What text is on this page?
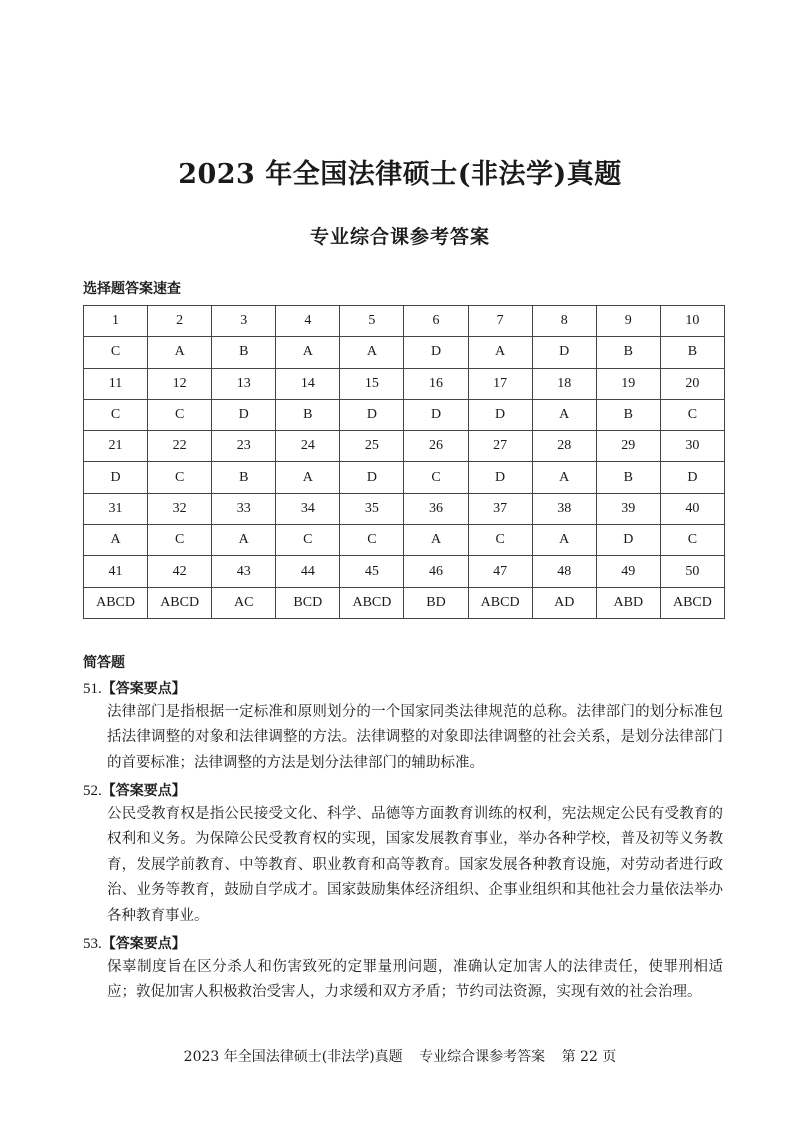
2023 年全国法律硕士(非法学)真题
专业综合课参考答案
选择题答案速查
1	2	3	4	5	6	7	8	9	10
C	A	B	A	A	D	A	D	B	B
11	12	13	14	15	16	17	18	19	20
C	C	D	B	D	D	D	A	B	C
21	22	23	24	25	26	27	28	29	30
D	C	B	A	D	C	D	A	B	D
31	32	33	34	35	36	37	38	39	40
A	C	A	C	C	A	C	A	D	C
41	42	43	44	45	46	47	48	49	50
ABCD	ABCD	AC	BCD	ABCD	BD	ABCD	AD	ABD	ABCD
简答题
51.【答案要点】
法律部门是指根据一定标准和原则划分的一个国家同类法律规范的总称。法律部门的划分标准包括法律调整的对象和法律调整的方法。法律调整的对象即法律调整的社会关系，是划分法律部门的首要标准；法律调整的方法是划分法律部门的辅助标准。
52.【答案要点】
公民受教育权是指公民接受文化、科学、品德等方面教育训练的权利，宪法规定公民有受教育的权利和义务。为保障公民受教育权的实现，国家发展教育事业，举办各种学校，普及初等义务教育，发展学前教育、中等教育、职业教育和高等教育。国家发展各种教育设施，对劳动者进行政治、业务等教育，鼓励自学成才。国家鼓励集体经济组织、企事业组织和其他社会力量依法举办各种教育事业。
53.【答案要点】
保辜制度旨在区分杀人和伤害致死的定罪量刑问题，准确认定加害人的法律责任，使罪刑相适应；敦促加害人积极救治受害人，力求缓和双方矛盾；节约司法资源，实现有效的社会治理。
2023 年全国法律硕士(非法学)真题 专业综合课参考答案 第 22 页
